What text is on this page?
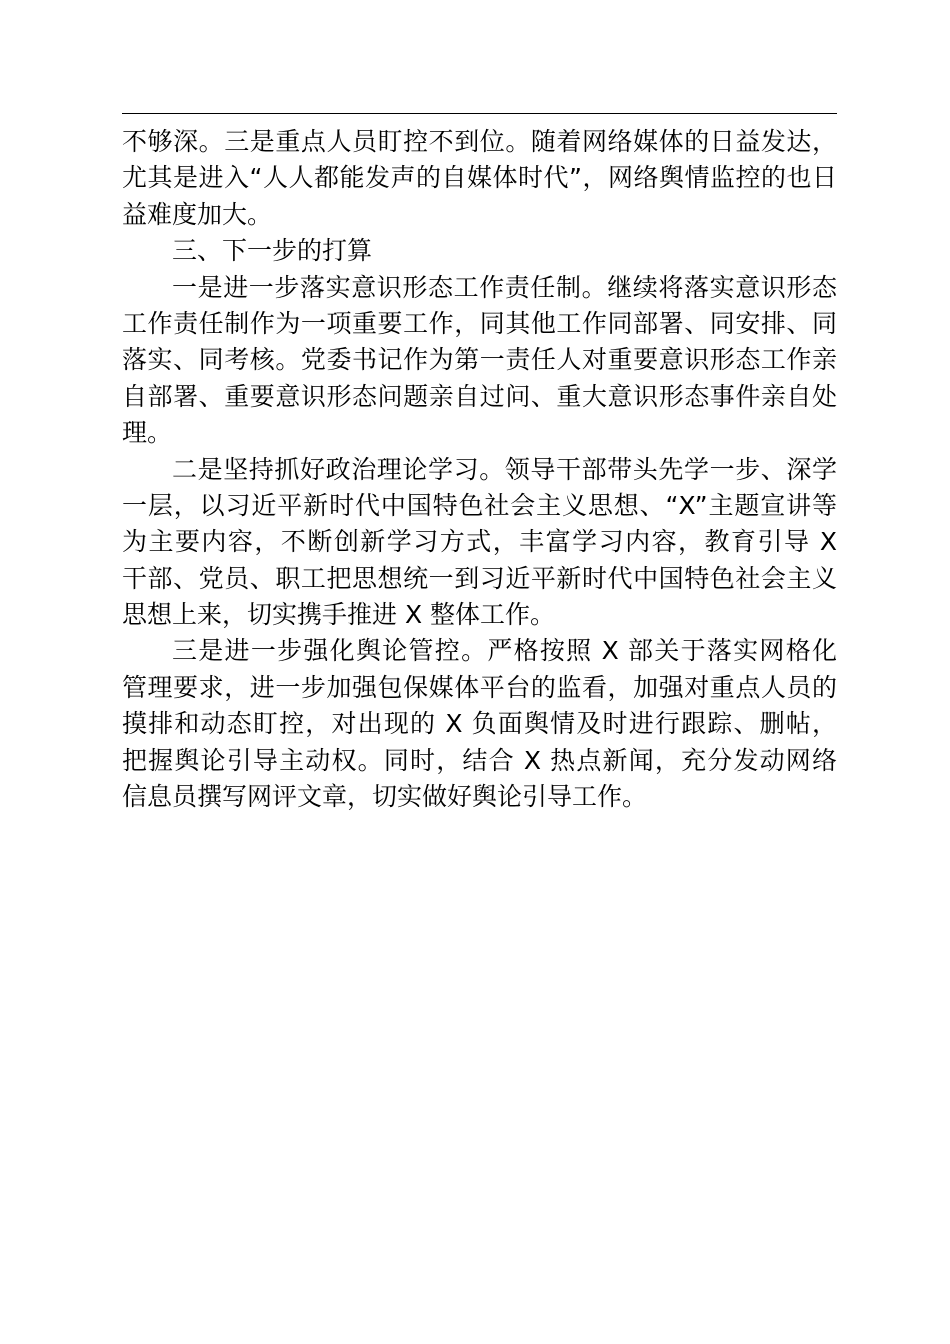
不够深。三是重点人员盯控不到位。随着网络媒体的日益发达，
尤其是进入“人人都能发声的自媒体时代”，网络舆情监控的也日
益难度加大。
三、下一步的打算
一是进一步落实意识形态工作责任制。继续将落实意识形态
工作责任制作为一项重要工作，同其他工作同部署、同安排、同
落实、同考核。党委书记作为第一责任人对重要意识形态工作亲
自部署、重要意识形态问题亲自过问、重大意识形态事件亲自处
理。
二是坚持抓好政治理论学习。领导干部带头先学一步、深学
一层，以习近平新时代中国特色社会主义思想、“X”主题宣讲等
为主要内容，不断创新学习方式，丰富学习内容，教育引导 X
干部、党员、职工把思想统一到习近平新时代中国特色社会主义
思想上来，切实携手推进 X 整体工作。
三是进一步强化舆论管控。严格按照 X 部关于落实网格化
管理要求，进一步加强包保媒体平台的监看，加强对重点人员的
摸排和动态盯控，对出现的 X 负面舆情及时进行跟踪、删帖，
把握舆论引导主动权。同时，结合 X 热点新闻，充分发动网络
信息员撰写网评文章，切实做好舆论引导工作。
